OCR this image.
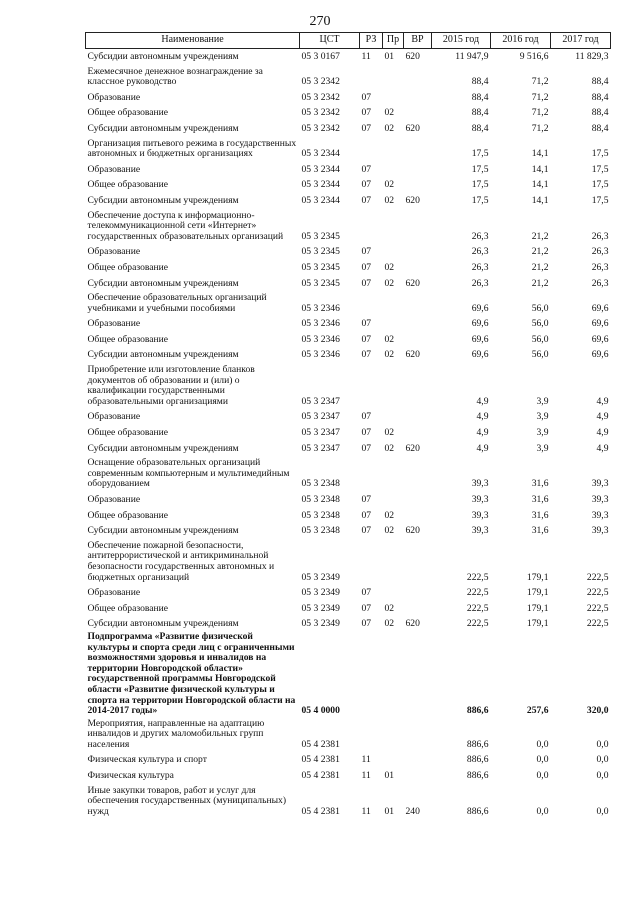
270
Наименование	ЦСТ	РЗ	Пр	ВР	2015 год	2016 год	2017 год
Субсидии автономным учреждениям	05 3 0167	11	01	620	11 947,9	9 516,6	11 829,3
Ежемесячное денежное вознаграждение за классное руководство	05 3 2342				88,4	71,2	88,4
Образование	05 3 2342	07			88,4	71,2	88,4
Общее образование	05 3 2342	07	02		88,4	71,2	88,4
Субсидии автономным учреждениям	05 3 2342	07	02	620	88,4	71,2	88,4
Организация питьевого режима в государственных автономных и бюджетных организациях	05 3 2344				17,5	14,1	17,5
Образование	05 3 2344	07			17,5	14,1	17,5
Общее образование	05 3 2344	07	02		17,5	14,1	17,5
Субсидии автономным учреждениям	05 3 2344	07	02	620	17,5	14,1	17,5
Обеспечение доступа к информационно-телекоммуникационной сети «Интернет» государственных образовательных организаций	05 3 2345				26,3	21,2	26,3
Образование	05 3 2345	07			26,3	21,2	26,3
Общее образование	05 3 2345	07	02		26,3	21,2	26,3
Субсидии автономным учреждениям	05 3 2345	07	02	620	26,3	21,2	26,3
Обеспечение образовательных организаций учебниками и учебными пособиями	05 3 2346				69,6	56,0	69,6
Образование	05 3 2346	07			69,6	56,0	69,6
Общее образование	05 3 2346	07	02		69,6	56,0	69,6
Субсидии автономным учреждениям	05 3 2346	07	02	620	69,6	56,0	69,6
Приобретение или изготовление бланков документов об образовании и (или) о квалификации государственными образовательными организациями	05 3 2347				4,9	3,9	4,9
Образование	05 3 2347	07			4,9	3,9	4,9
Общее образование	05 3 2347	07	02		4,9	3,9	4,9
Субсидии автономным учреждениям	05 3 2347	07	02	620	4,9	3,9	4,9
Оснащение образовательных организаций современным компьютерным и мультимедийным оборудованием	05 3 2348				39,3	31,6	39,3
Образование	05 3 2348	07			39,3	31,6	39,3
Общее образование	05 3 2348	07	02		39,3	31,6	39,3
Субсидии автономным учреждениям	05 3 2348	07	02	620	39,3	31,6	39,3
Обеспечение пожарной безопасности, антитеррористической и антикриминальной безопасности государственных автономных и бюджетных организаций	05 3 2349				222,5	179,1	222,5
Образование	05 3 2349	07			222,5	179,1	222,5
Общее образование	05 3 2349	07	02		222,5	179,1	222,5
Субсидии автономным учреждениям	05 3 2349	07	02	620	222,5	179,1	222,5
Подпрограмма «Развитие физической культуры и спорта среди лиц с ограниченными возможностями здоровья и инвалидов на территории Новгородской области» государственной программы Новгородской области «Развитие физической культуры и спорта на территории Новгородской области на 2014-2017 годы»	05 4 0000				886,6	257,6	320,0
Мероприятия, направленные на адаптацию инвалидов и других маломобильных групп населения	05 4 2381				886,6	0,0	0,0
Физическая культура и спорт	05 4 2381	11			886,6	0,0	0,0
Физическая культура	05 4 2381	11	01		886,6	0,0	0,0
Иные закупки товаров, работ и услуг для обеспечения государственных (муниципальных) нужд	05 4 2381	11	01	240	886,6	0,0	0,0
